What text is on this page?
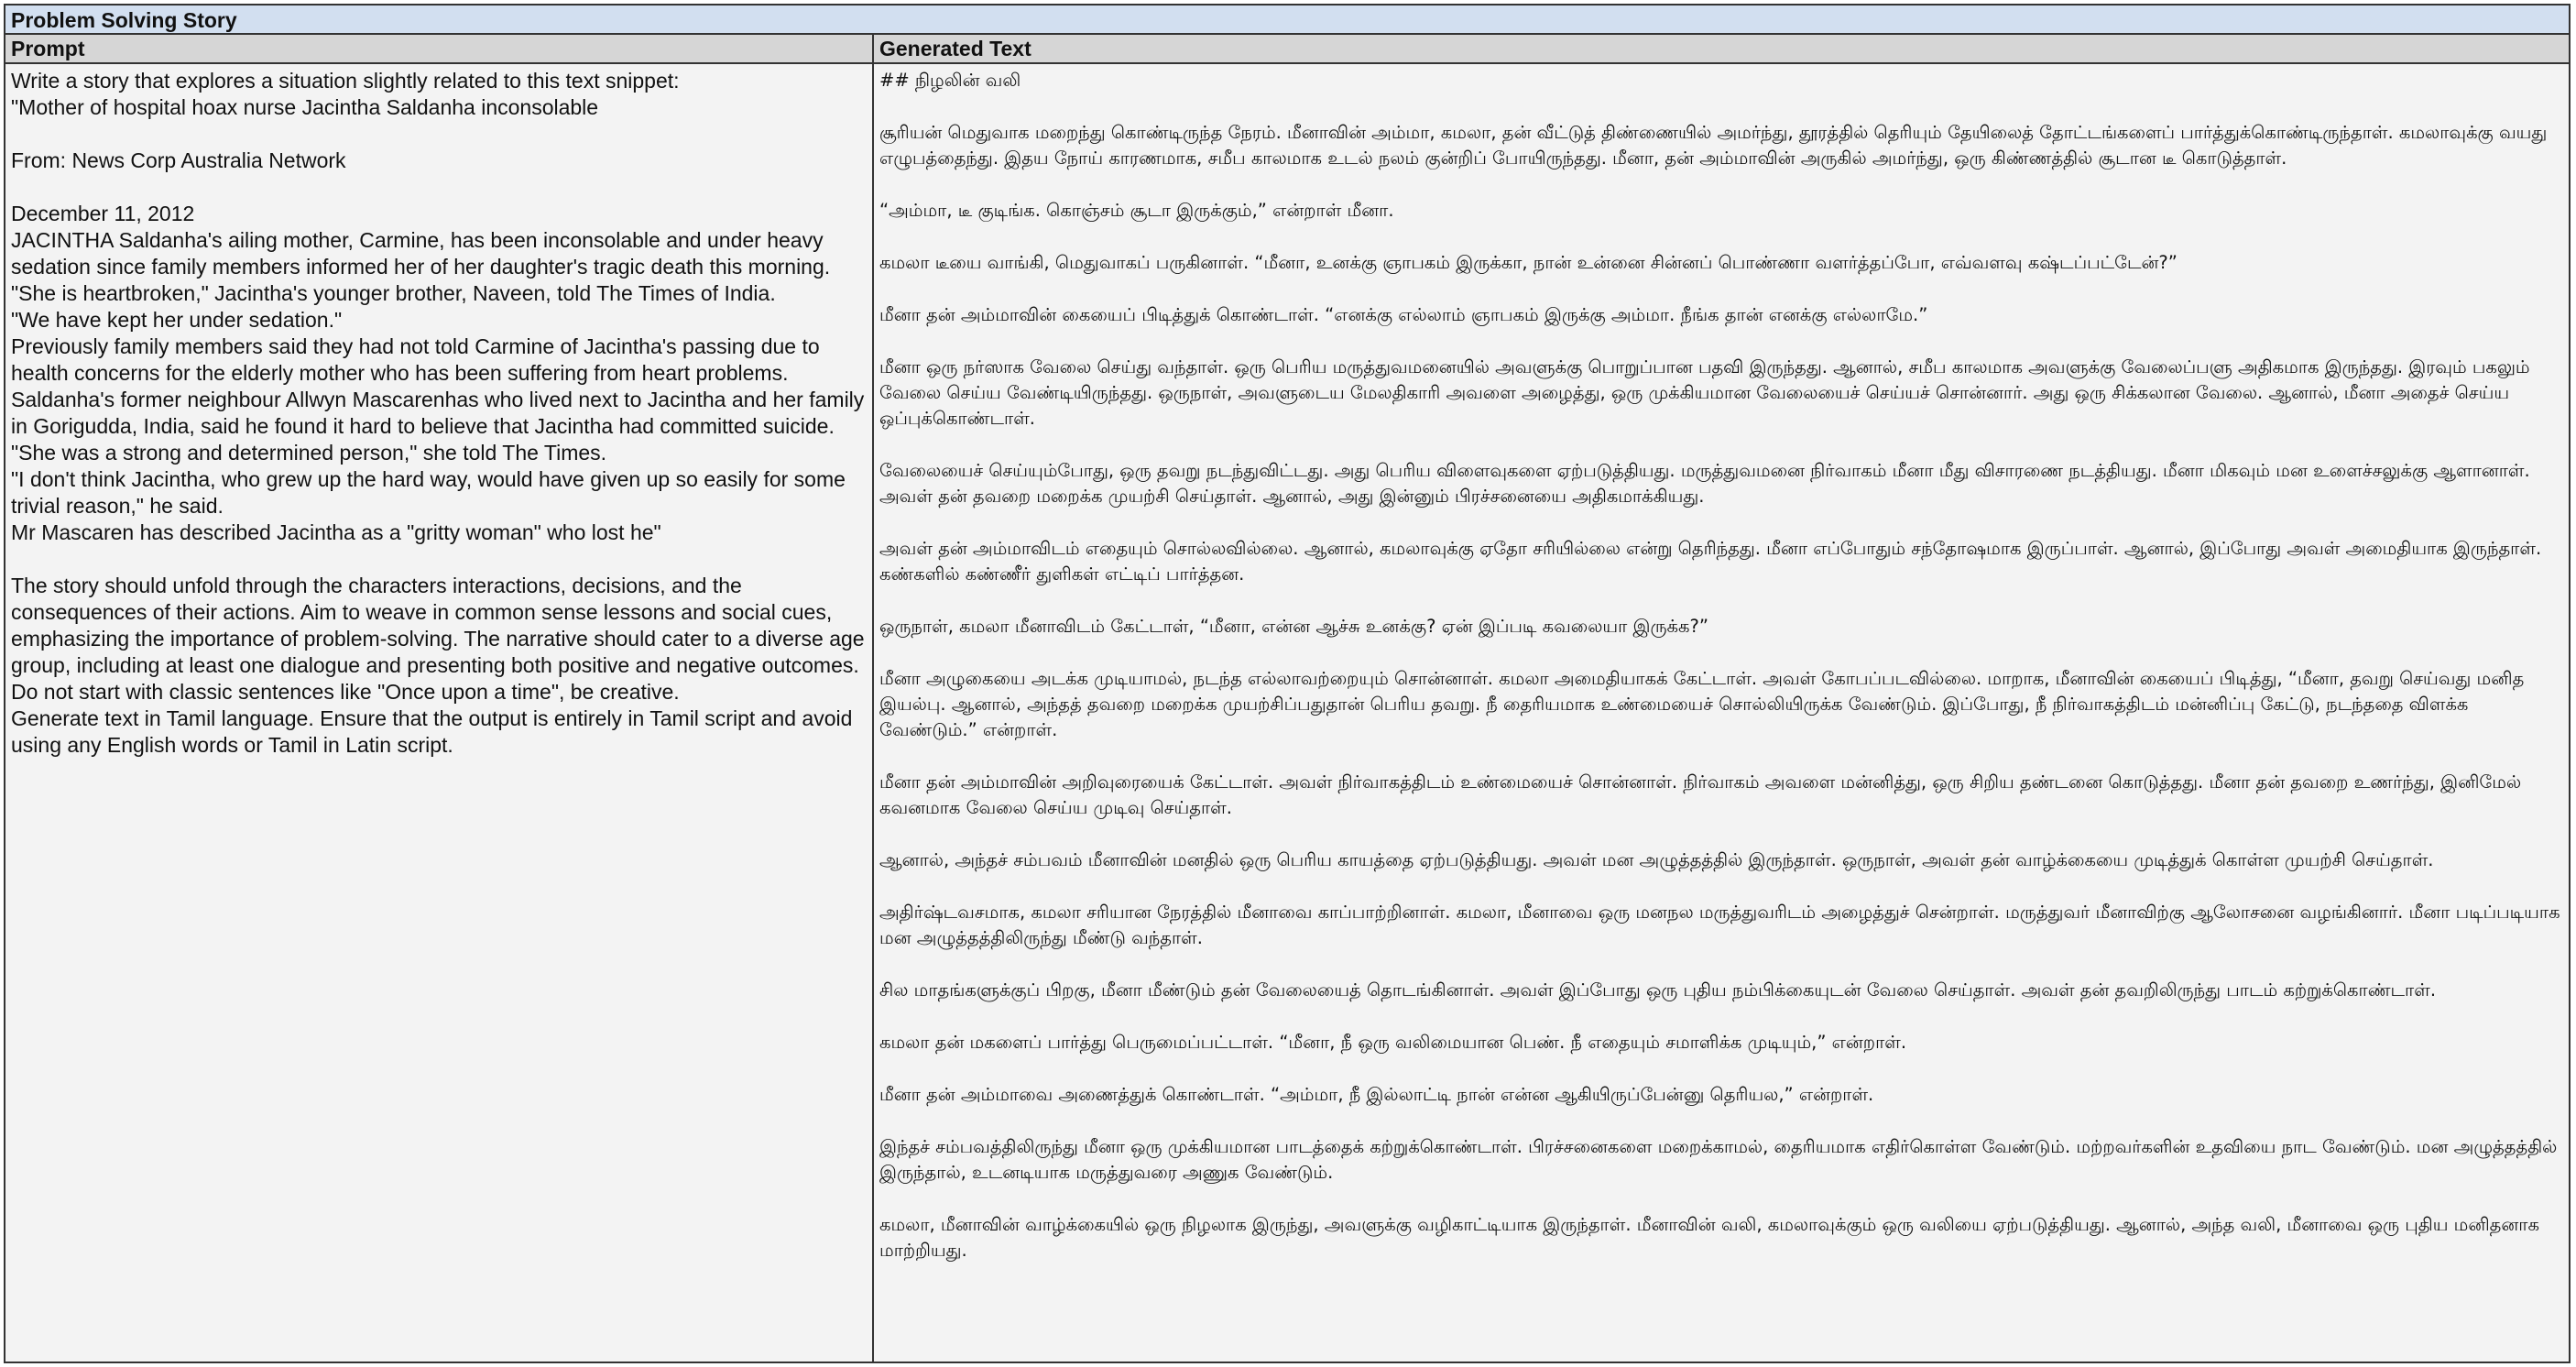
Problem Solving Story
Prompt	Generated Text
Write a story that explores a situation slightly related to this text snippet:
"Mother of hospital hoax nurse Jacintha Saldanha inconsolable
From: News Corp Australia Network
December 11, 2012
JACINTHA Saldanha's ailing mother, Carmine, has been inconsolable and under heavy sedation since family members informed her of her daughter's tragic death this morning.
"She is heartbroken," Jacintha's younger brother, Naveen, told The Times of India.
"We have kept her under sedation."
Previously family members said they had not told Carmine of Jacintha's passing due to health concerns for the elderly mother who has been suffering from heart problems.
Saldanha's former neighbour Allwyn Mascarenhas who lived next to Jacintha and her family in Gorigudda, India, said he found it hard to believe that Jacintha had committed suicide.
"She was a strong and determined person," she told The Times.
"I don't think Jacintha, who grew up the hard way, would have given up so easily for some trivial reason," he said.
Mr Mascaren has described Jacintha as a "gritty woman" who lost he"
The story should unfold through the characters interactions, decisions, and the consequences of their actions. Aim to weave in common sense lessons and social cues, emphasizing the importance of problem-solving. The narrative should cater to a diverse age group, including at least one dialogue and presenting both positive and negative outcomes.
Do not start with classic sentences like "Once upon a time", be creative.
Generate text in Tamil language. Ensure that the output is entirely in Tamil script and avoid using any English words or Tamil in Latin script.
## நிழலின் வலி
சூரியன் மெதுவாக மறைந்து கொண்டிருந்த நேரம். மீனாவின் அம்மா, கமலா, தன் வீட்டுத் திண்ணையில் அமர்ந்து, தூரத்தில் தெரியும் தேயிலைத் தோட்டங்களைப் பார்த்துக்கொண்டிருந்தாள். கமலாவுக்கு வயது எழுபத்தைந்து. இதய நோய் காரணமாக, சமீப காலமாக உடல் நலம் குன்றிப் போயிருந்தது. மீனா, தன் அம்மாவின் அருகில் அமர்ந்து, ஒரு கிண்ணத்தில் சூடான டீ கொடுத்தாள்.
“அம்மா, டீ குடிங்க. கொஞ்சம் சூடா இருக்கும்,” என்றாள் மீனா.
கமலா டீயை வாங்கி, மெதுவாகப் பருகினாள். “மீனா, உனக்கு ஞாபகம் இருக்கா, நான் உன்னை சின்னப் பொண்ணா வளர்த்தப்போ, எவ்வளவு கஷ்டப்பட்டேன்?”
மீனா தன் அம்மாவின் கையைப் பிடித்துக் கொண்டாள். “எனக்கு எல்லாம் ஞாபகம் இருக்கு அம்மா. நீங்க தான் எனக்கு எல்லாமே.”
மீனா ஒரு நர்ஸாக வேலை செய்து வந்தாள். ஒரு பெரிய மருத்துவமனையில் அவளுக்கு பொறுப்பான பதவி இருந்தது. ஆனால், சமீப காலமாக அவளுக்கு வேலைப்பளு அதிகமாக இருந்தது. இரவும் பகலும் வேலை செய்ய வேண்டியிருந்தது. ஒருநாள், அவளுடைய மேலதிகாரி அவளை அழைத்து, ஒரு முக்கியமான வேலையைச் செய்யச் சொன்னார். அது ஒரு சிக்கலான வேலை. ஆனால், மீனா அதைச் செய்ய ஒப்புக்கொண்டாள்.
வேலையைச் செய்யும்போது, ஒரு தவறு நடந்துவிட்டது. அது பெரிய விளைவுகளை ஏற்படுத்தியது. மருத்துவமனை நிர்வாகம் மீனா மீது விசாரணை நடத்தியது. மீனா மிகவும் மன உளைச்சலுக்கு ஆளானாள். அவள் தன் தவறை மறைக்க முயற்சி செய்தாள். ஆனால், அது இன்னும் பிரச்சனையை அதிகமாக்கியது.
அவள் தன் அம்மாவிடம் எதையும் சொல்லவில்லை. ஆனால், கமலாவுக்கு ஏதோ சரியில்லை என்று தெரிந்தது. மீனா எப்போதும் சந்தோஷமாக இருப்பாள். ஆனால், இப்போது அவள் அமைதியாக இருந்தாள். கண்களில் கண்ணீர் துளிகள் எட்டிப் பார்த்தன.
ஒருநாள், கமலா மீனாவிடம் கேட்டாள், “மீனா, என்ன ஆச்சு உனக்கு? ஏன் இப்படி கவலையா இருக்க?”
மீனா அழுகையை அடக்க முடியாமல், நடந்த எல்லாவற்றையும் சொன்னாள். கமலா அமைதியாகக் கேட்டாள். அவள் கோபப்படவில்லை. மாறாக, மீனாவின் கையைப் பிடித்து, “மீனா, தவறு செய்வது மனித இயல்பு. ஆனால், அந்தத் தவறை மறைக்க முயற்சிப்பதுதான் பெரிய தவறு. நீ தைரியமாக உண்மையைச் சொல்லியிருக்க வேண்டும். இப்போது, நீ நிர்வாகத்திடம் மன்னிப்பு கேட்டு, நடந்ததை விளக்க வேண்டும்.” என்றாள்.
மீனா தன் அம்மாவின் அறிவுரையைக் கேட்டாள். அவள் நிர்வாகத்திடம் உண்மையைச் சொன்னாள். நிர்வாகம் அவளை மன்னித்து, ஒரு சிறிய தண்டனை கொடுத்தது. மீனா தன் தவறை உணர்ந்து, இனிமேல் கவனமாக வேலை செய்ய முடிவு செய்தாள்.
ஆனால், அந்தச் சம்பவம் மீனாவின் மனதில் ஒரு பெரிய காயத்தை ஏற்படுத்தியது. அவள் மன அழுத்தத்தில் இருந்தாள். ஒருநாள், அவள் தன் வாழ்க்கையை முடித்துக் கொள்ள முயற்சி செய்தாள்.
அதிர்ஷ்டவசமாக, கமலா சரியான நேரத்தில் மீனாவை காப்பாற்றினாள். கமலா, மீனாவை ஒரு மனநல மருத்துவரிடம் அழைத்துச் சென்றாள். மருத்துவர் மீனாவிற்கு ஆலோசனை வழங்கினார். மீனா படிப்படியாக மன அழுத்தத்திலிருந்து மீண்டு வந்தாள்.
சில மாதங்களுக்குப் பிறகு, மீனா மீண்டும் தன் வேலையைத் தொடங்கினாள். அவள் இப்போது ஒரு புதிய நம்பிக்கையுடன் வேலை செய்தாள். அவள் தன் தவறிலிருந்து பாடம் கற்றுக்கொண்டாள்.
கமலா தன் மகளைப் பார்த்து பெருமைப்பட்டாள். “மீனா, நீ ஒரு வலிமையான பெண். நீ எதையும் சமாளிக்க முடியும்,” என்றாள்.
மீனா தன் அம்மாவை அணைத்துக் கொண்டாள். “அம்மா, நீ இல்லாட்டி நான் என்ன ஆகியிருப்பேன்னு தெரியல,” என்றாள்.
இந்தச் சம்பவத்திலிருந்து மீனா ஒரு முக்கியமான பாடத்தைக் கற்றுக்கொண்டாள். பிரச்சனைகளை மறைக்காமல், தைரியமாக எதிர்கொள்ள வேண்டும். மற்றவர்களின் உதவியை நாட வேண்டும். மன அழுத்தத்தில் இருந்தால், உடனடியாக மருத்துவரை அணுக வேண்டும்.
கமலா, மீனாவின் வாழ்க்கையில் ஒரு நிழலாக இருந்து, அவளுக்கு வழிகாட்டியாக இருந்தாள். மீனாவின் வலி, கமலாவுக்கும் ஒரு வலியை ஏற்படுத்தியது. ஆனால், அந்த வலி, மீனாவை ஒரு புதிய மனிதனாக மாற்றியது.
